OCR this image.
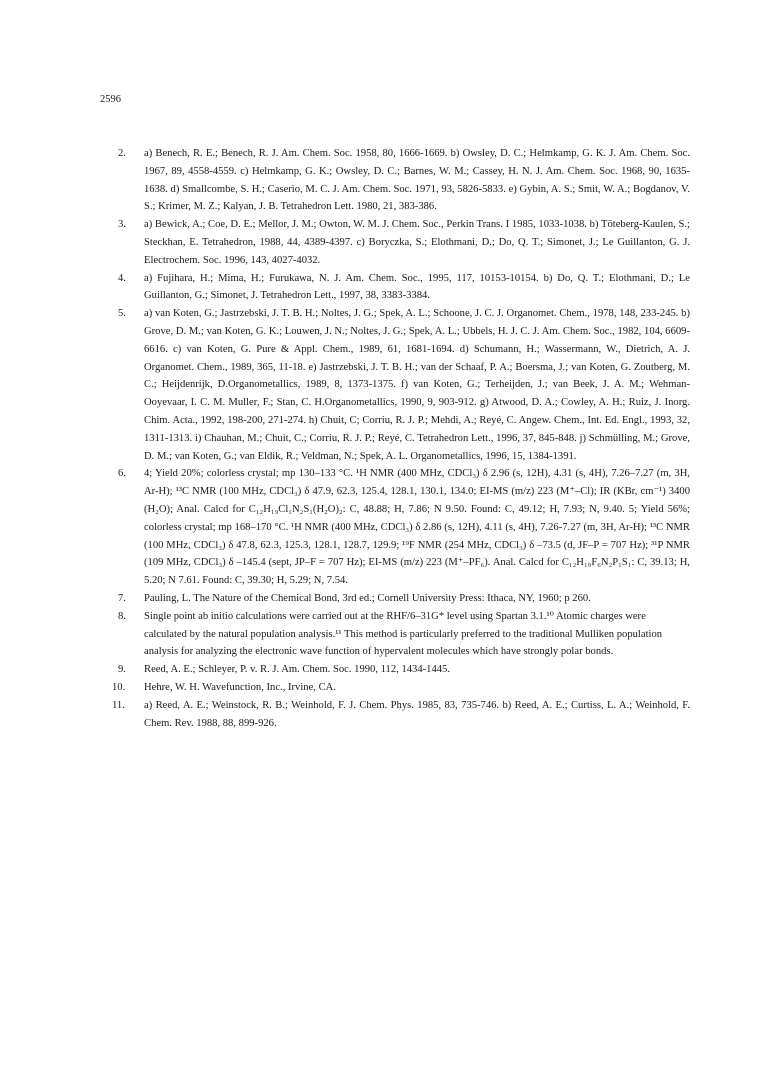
2596
2. a) Benech, R. E.; Benech, R. J. Am. Chem. Soc. 1958, 80, 1666-1669. b) Owsley, D. C.; Helmkamp, G. K. J. Am. Chem. Soc. 1967, 89, 4558-4559. c) Helmkamp, G. K.; Owsley, D. C.; Barnes, W. M.; Cassey, H. N. J. Am. Chem. Soc. 1968, 90, 1635-1638. d) Smallcombe, S. H.; Caserio, M. C. J. Am. Chem. Soc. 1971, 93, 5826-5833. e) Gybin, A. S.; Smit, W. A.; Bogdanov, V. S.; Krimer, M. Z.; Kalyan, J. B. Tetrahedron Lett. 1980, 21, 383-386.
3. a) Bewick, A.; Coe, D. E.; Mellor, J. M.; Owton, W. M. J. Chem. Soc., Perkin Trans. I 1985, 1033-1038. b) Töteberg-Kaulen, S.; Steckhan, E. Tetrahedron, 1988, 44, 4389-4397. c) Boryczka, S.; Elothmani, D.; Do, Q. T.; Simonet, J.; Le Guillanton, G. J. Electrochem. Soc. 1996, 143, 4027-4032.
4. a) Fujihara, H.; Mima, H.; Furukawa, N. J. Am. Chem. Soc., 1995, 117, 10153-10154. b) Do, Q. T.; Elothmani, D.; Le Guillanton, G.; Simonet, J. Tetrahedron Lett., 1997, 38, 3383-3384.
5. a) van Koten, G.; Jastrzebski, J. T. B. H.; Noltes, J. G.; Spek, A. L.; Schoone, J. C. J. Organomet. Chem., 1978, 148, 233-245. b) Grove, D. M.; van Koten, G. K.; Louwen, J. N.; Noltes, J. G.; Spek, A. L.; Ubbels, H. J. C. J. Am. Chem. Soc., 1982, 104, 6609-6616. c) van Koten, G. Pure & Appl. Chem., 1989, 61, 1681-1694. d) Schumann, H.; Wassermann, W., Dietrich, A. J. Organomet. Chem., 1989, 365, 11-18. e) Jastrzebski, J. T. B. H.; van der Schaaf, P. A.; Boersma, J.; van Koten, G. Zoutberg, M. C.; Heijdenrijk, D.Organometallics, 1989, 8, 1373-1375. f) van Koten, G.; Terheijden, J.; van Beek, J. A. M.; Wehman-Ooyevaar, I. C. M. Muller, F.; Stan, C. H.Organometallics, 1990, 9, 903-912. g) Atwood, D. A.; Cowley, A. H.; Ruiz, J. Inorg. Chim. Acta., 1992, 198-200, 271-274. h) Chuit, C; Corriu, R. J. P.; Mehdi, A.; Reyé, C. Angew. Chem., Int. Ed. Engl., 1993, 32, 1311-1313. i) Chauhan, M.; Chuit, C.; Corriu, R. J. P.; Reyé, C. Tetrahedron Lett., 1996, 37, 845-848. j) Schmülling, M.; Grove, D. M.; van Koten, G.; van Eldik, R.; Veldman, N.; Spek, A. L. Organometallics, 1996, 15, 1384-1391.
6. 4; Yield 20%; colorless crystal; mp 130–133 °C. ¹H NMR (400 MHz, CDCl₃) δ 2.96 (s, 12H), 4.31 (s, 4H), 7.26–7.27 (m, 3H, Ar-H); ¹³C NMR (100 MHz, CDCl₃) δ 47.9, 62.3, 125.4, 128.1, 130.1, 134.0; EI-MS (m/z) 223 (M⁺–Cl); IR (KBr, cm⁻¹) 3400 (H₂O); Anal. Calcd for C₁₂H₁₉Cl₁N₂S₁(H₂O)₂: C, 48.88; H, 7.86; N 9.50. Found: C, 49.12; H, 7.93; N, 9.40. 5; Yield 56%; colorless crystal; mp 168–170 °C. ¹H NMR (400 MHz, CDCl₃) δ 2.86 (s, 12H), 4.11 (s, 4H), 7.26-7.27 (m, 3H, Ar-H); ¹³C NMR (100 MHz, CDCl₃) δ 47.8, 62.3, 125.3, 128.1, 128.7, 129.9; ¹⁹F NMR (254 MHz, CDCl₃) δ –73.5 (d, JF–P = 707 Hz); ³¹P NMR (109 MHz, CDCl₃) δ –145.4 (sept, JP–F = 707 Hz); EI-MS (m/z) 223 (M⁺–PF₆). Anal. Calcd for C₁₂H₁₉F₆N₂P₁S₁: C, 39.13; H, 5.20; N 7.61. Found: C, 39.30; H, 5.29; N, 7.54.
7. Pauling, L. The Nature of the Chemical Bond, 3rd ed.; Cornell University Press: Ithaca, NY, 1960; p 260.
8. Single point ab initio calculations were carried out at the RHF/6–31G* level using Spartan 3.1.¹⁰ Atomic charges were calculated by the natural population analysis.¹¹ This method is particularly preferred to the traditional Mulliken population analysis for analyzing the electronic wave function of hypervalent molecules which have strongly polar bonds.
9. Reed, A. E.; Schleyer, P. v. R. J. Am. Chem. Soc. 1990, 112, 1434-1445.
10. Hehre, W. H. Wavefunction, Inc., Irvine, CA.
11. a) Reed, A. E.; Weinstock, R. B.; Weinhold, F. J. Chem. Phys. 1985, 83, 735-746. b) Reed, A. E.; Curtiss, L. A.; Weinhold, F. Chem. Rev. 1988, 88, 899-926.
